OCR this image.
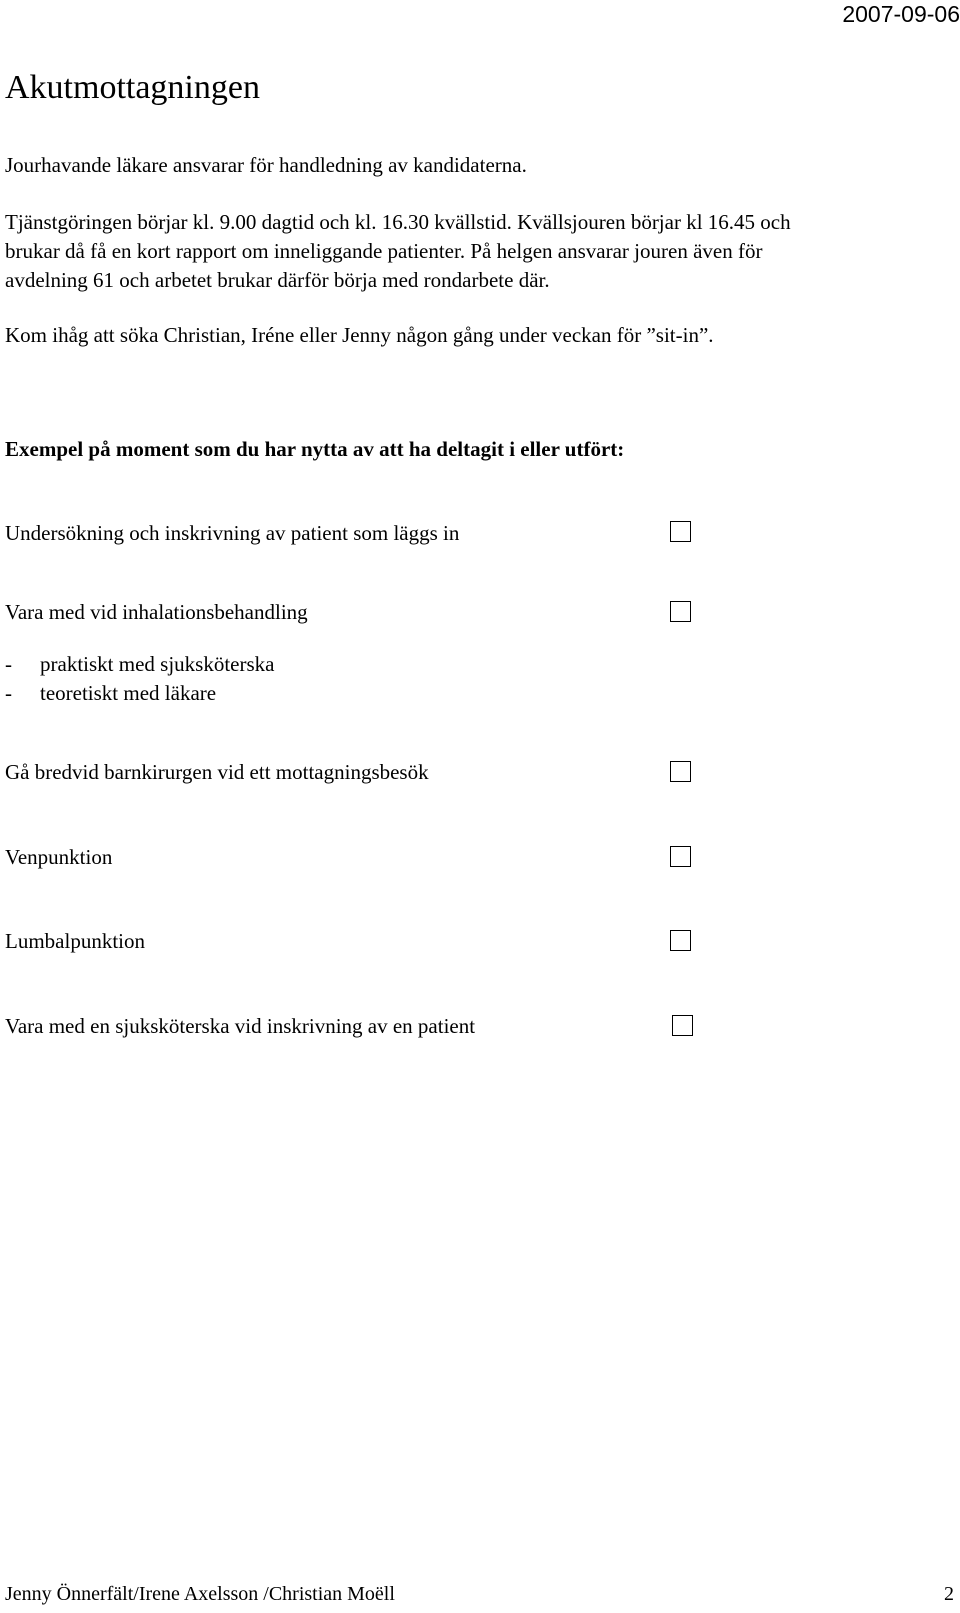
2007-09-06
Akutmottagningen
Jourhavande läkare ansvarar för handledning av kandidaterna.
Tjänstgöringen börjar kl. 9.00 dagtid och kl. 16.30 kvällstid. Kvällsjouren börjar kl 16.45 och
brukar då få en kort rapport om inneliggande patienter. På helgen ansvarar jouren även för
avdelning 61 och arbetet brukar därför börja med rondarbete där.
Kom ihåg att söka Christian, Iréne eller Jenny någon gång under veckan för ”sit-in”.
Exempel på moment som du har nytta av att ha deltagit i eller utfört:
Undersökning och inskrivning av patient som läggs in
Vara med vid inhalationsbehandling
- praktiskt med sjuksköterska
- teoretiskt med läkare
Gå bredvid barnkirurgen vid ett mottagningsbesök
Venpunktion
Lumbalpunktion
Vara med en sjuksköterska vid inskrivning av en patient
Jenny Önnerfält/Irene Axelsson /Christian Moëll	2
